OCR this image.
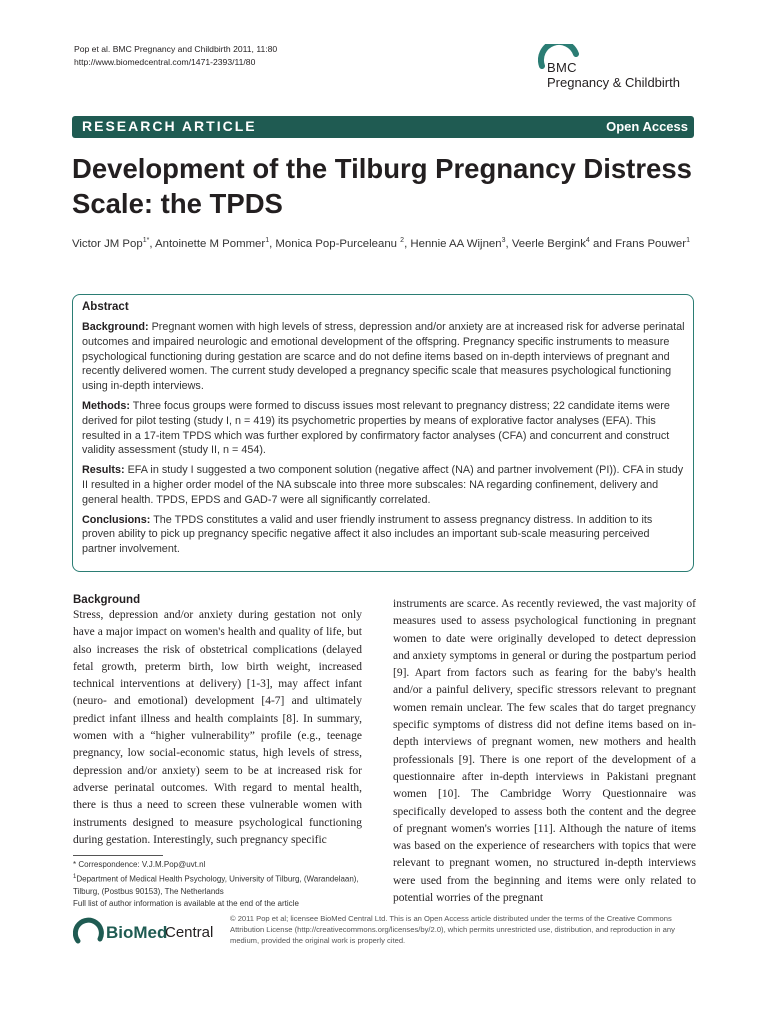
Pop et al. BMC Pregnancy and Childbirth 2011, 11:80
http://www.biomedcentral.com/1471-2393/11/80	BMC
Pregnancy & Childbirth
RESEARCH ARTICLE	Open Access
Development of the Tilburg Pregnancy Distress Scale: the TPDS
Victor JM Pop$^{1*}$, Antoinette M Pommer$^1$, Monica Pop-Purceleanu $^2$, Hennie AA Wijnen$^3$, Veerle Bergink$^4$ and Frans Pouwer$^1$
Abstract

Background: Pregnant women with high levels of stress, depression and/or anxiety are at increased risk for adverse perinatal outcomes and impaired neurologic and emotional development of the offspring. Pregnancy specific instruments to measure psychological functioning during gestation are scarce and do not define items based on in-depth interviews of pregnant and recently delivered women. The current study developed a pregnancy specific scale that measures psychological functioning using in-depth interviews.

Methods: Three focus groups were formed to discuss issues most relevant to pregnancy distress; 22 candidate items were derived for pilot testing (study I, n = 419) its psychometric properties by means of explorative factor analyses (EFA). This resulted in a 17-item TPDS which was further explored by confirmatory factor analyses (CFA) and concurrent and construct validity assessment (study II, n = 454).

Results: EFA in study I suggested a two component solution (negative affect (NA) and partner involvement (PI)). CFA in study II resulted in a higher order model of the NA subscale into three more subscales: NA regarding confinement, delivery and general health. TPDS, EPDS and GAD-7 were all significantly correlated.

Conclusions: The TPDS constitutes a valid and user friendly instrument to assess pregnancy distress. In addition to its proven ability to pick up pregnancy specific negative affect it also includes an important sub-scale measuring perceived partner involvement.

Background

Stress, depression and/or anxiety during gestation not only have a major impact on women's health and quality of life, but also increases the risk of obstetrical complications (delayed fetal growth, preterm birth, low birth weight, increased technical interventions at delivery) [1-3], may affect infant (neuro- and emotional) development [4-7] and ultimately predict infant illness and health complaints [8]. In summary, women with a “higher vulnerability” profile (e.g., teenage pregnancy, low social-economic status, high levels of stress, depression and/or anxiety) seem to be at increased risk for adverse perinatal outcomes. With regard to mental health, there is thus a need to screen these vulnerable women with instruments designed to measure psychological functioning during gestation. Interestingly, such pregnancy specific

instruments are scarce. As recently reviewed, the vast majority of measures used to assess psychological functioning in pregnant women to date were originally developed to detect depression and anxiety symptoms in general or during the postpartum period [9]. Apart from factors such as fearing for the baby's health and/or a painful delivery, specific stressors relevant to pregnant women remain unclear. The few scales that do target pregnancy specific symptoms of distress did not define items based on in-depth interviews of pregnant women, new mothers and health professionals [9]. There is one report of the development of a questionnaire after in-depth interviews in Pakistani pregnant women [10]. The Cambridge Worry Questionnaire was specifically developed to assess both the content and the degree of pregnant women's worries [11]. Although the nature of items was based on the experience of researchers with topics that were relevant to pregnant women, no structured in-depth interviews were used from the beginning and items were only related to potential worries of the pregnant

* Correspondence: V.J.M.Pop@uvt.nl
$^1$Department of Medical Health Psychology, University of Tilburg, (Warandelaan), Tilburg, (Postbus 90153), The Netherlands
Full list of author information is available at the end of the article
BioMed
Central
© 2011 Pop et al; licensee BioMed Central Ltd. This is an Open Access article distributed under the terms of the Creative Commons Attribution License (http://creativecommons.org/licenses/by/2.0), which permits unrestricted use, distribution, and reproduction in any medium, provided the original work is properly cited.
